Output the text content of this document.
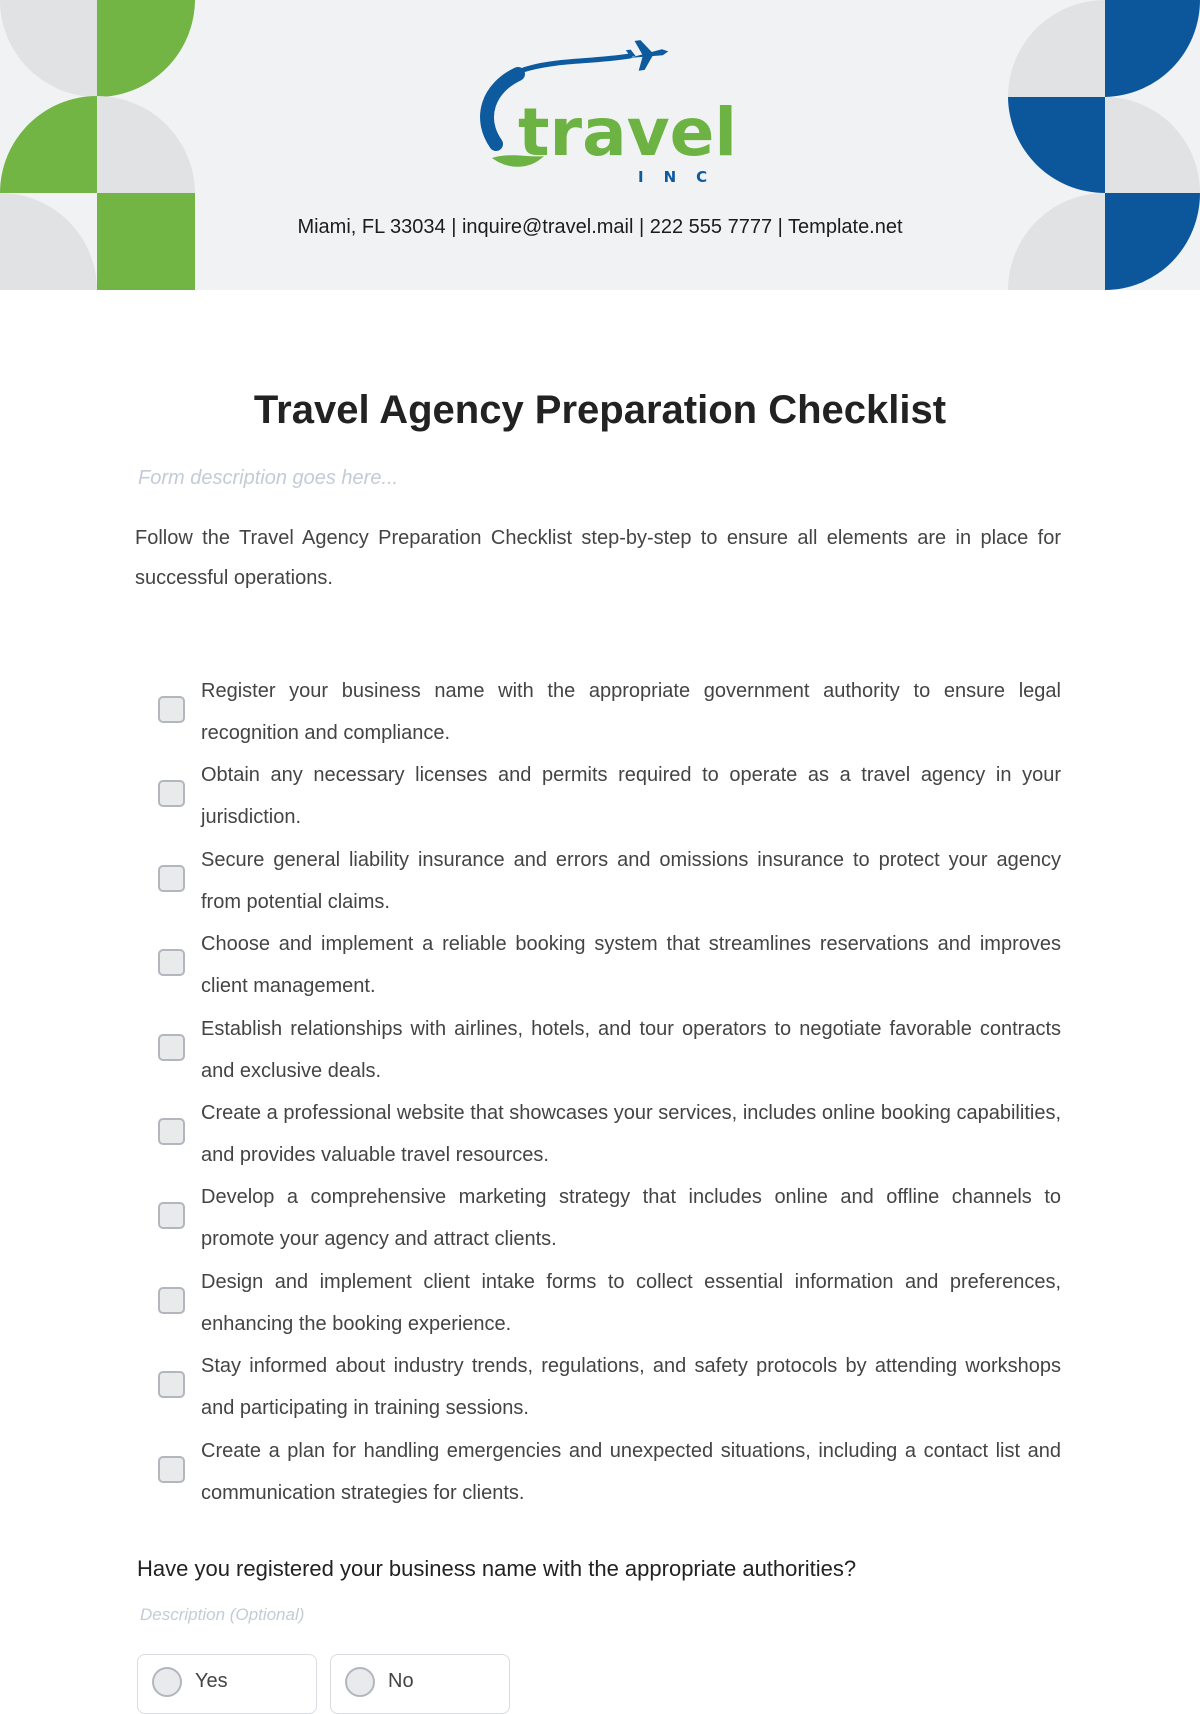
travel
INC
Miami, FL 33034 | inquire@travel.mail | 222 555 7777 | Template.net
Travel Agency Preparation Checklist
Form description goes here...

Follow the Travel Agency Preparation Checklist step-by-step to ensure all elements are in place for successful operations.

Register your business name with the appropriate government authority to ensure legal recognition and compliance.
Obtain any necessary licenses and permits required to operate as a travel agency in your jurisdiction.
Secure general liability insurance and errors and omissions insurance to protect your agency from potential claims.
Choose and implement a reliable booking system that streamlines reservations and improves client management.
Establish relationships with airlines, hotels, and tour operators to negotiate favorable contracts and exclusive deals.
Create a professional website that showcases your services, includes online booking capabilities, and provides valuable travel resources.
Develop a comprehensive marketing strategy that includes online and offline channels to promote your agency and attract clients.
Design and implement client intake forms to collect essential information and preferences, enhancing the booking experience.
Stay informed about industry trends, regulations, and safety protocols by attending workshops and participating in training sessions.
Create a plan for handling emergencies and unexpected situations, including a contact list and communication strategies for clients.
Have you registered your business name with the appropriate authorities?
Description (Optional)
Yes	No
